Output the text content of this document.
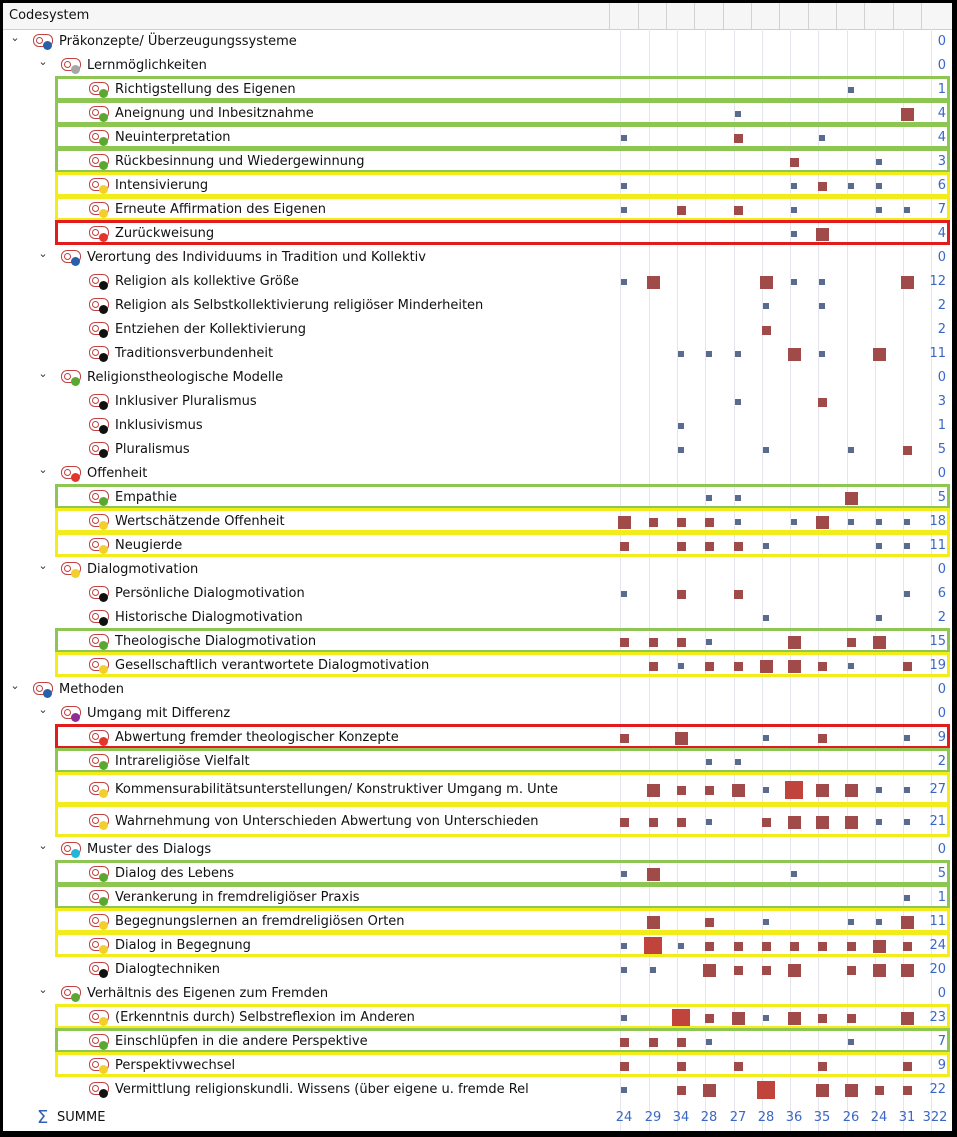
Codesystem
⌄	Präkonzepte/ Überzeugungssysteme	0
⌄	Lernmöglichkeiten	0
Richtigstellung des Eigenen	1
Aneignung und Inbesitznahme	4
Neuinterpretation	4
Rückbesinnung und Wiedergewinnung	3
Intensivierung	6
Erneute Affirmation des Eigenen	7
Zurückweisung	4
⌄	Verortung des Individuums in Tradition und Kollektiv	0
Religion als kollektive Größe	12
Religion als Selbstkollektivierung religiöser Minderheiten	2
Entziehen der Kollektivierung	2
Traditionsverbundenheit	11
⌄	Religionstheologische Modelle	0
Inklusiver Pluralismus	3
Inklusivismus	1
Pluralismus	5
⌄	Offenheit	0
Empathie	5
Wertschätzende Offenheit	18
Neugierde	11
⌄	Dialogmotivation	0
Persönliche Dialogmotivation	6
Historische Dialogmotivation	2
Theologische Dialogmotivation	15
Gesellschaftlich verantwortete Dialogmotivation	19
⌄	Methoden	0
⌄	Umgang mit Differenz	0
Abwertung fremder theologischer Konzepte	9
Intrareligiöse Vielfalt	2
Kommensurabilitätsunterstellungen/ Konstruktiver Umgang m. Unte	27
Wahrnehmung von Unterschieden Abwertung von Unterschieden	21
⌄	Muster des Dialogs	0
Dialog des Lebens	5
Verankerung in fremdreligiöser Praxis	1
Begegnungslernen an fremdreligiösen Orten	11
Dialog in Begegnung	24
Dialogtechniken	20
⌄	Verhältnis des Eigenen zum Fremden	0
(Erkenntnis durch) Selbstreflexion im Anderen	23
Einschlüpfen in die andere Perspektive	7
Perspektivwechsel	9
Vermittlung religionskundli. Wissens (über eigene u. fremde Rel	22
Σ SUMME	24 29 34 28 27 28 36 35 26 24 31 322
